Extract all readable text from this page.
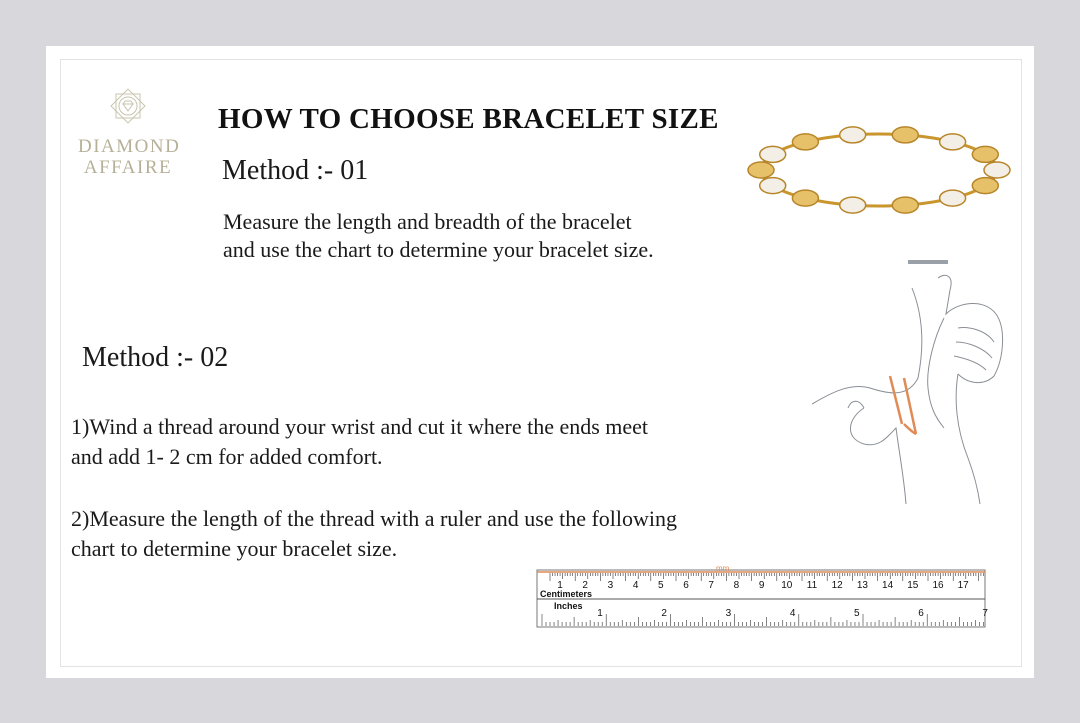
DIAMOND
AFFAIRE
HOW TO CHOOSE BRACELET SIZE
Method :- 01
Measure the length and breadth of the bracelet
and use the chart to determine your bracelet size.
Method :- 02
1)Wind a thread around your wrist and cut it where the ends meet
and add 1- 2 cm for added comfort.
2)Measure the length of the thread with a ruler and use the following
chart to determine your bracelet size.
mm
Centimeters
Inches
1 2 3 4 5 6 7 8 9 10 11 12 13 14 15 16 17
1	2	3	4	5	6	7
